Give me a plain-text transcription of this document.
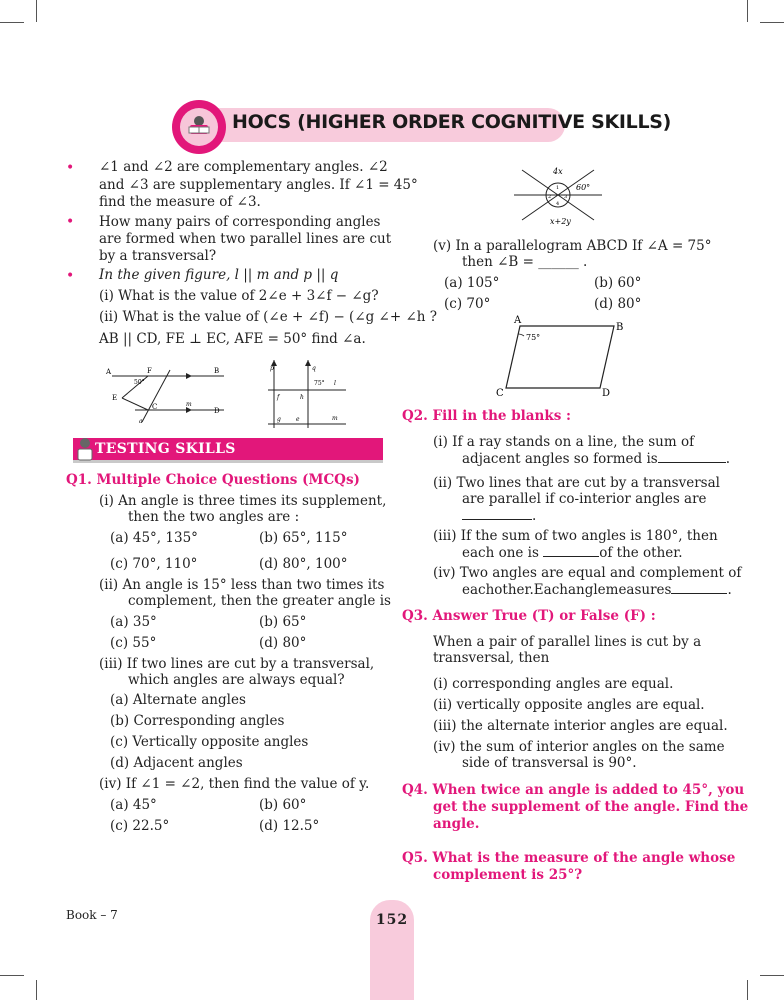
HOCS (HIGHER ORDER COGNITIVE SKILLS)
• ∠1 and ∠2 are complementary angles. ∠2
and ∠3 are supplementary angles. If ∠1 = 45°
find the measure of ∠3.
• How many pairs of corresponding angles
are formed when two parallel lines are cut
by a transversal?
• In the given figure, l || m and p || q
(i) What is the value of 2∠e + 3∠f − ∠g?
(ii) What is the value of (∠e + ∠f) − (∠g ∠+ ∠h ?
AB || CD, FE ⊥ EC, AFE = 50° find ∠a.
A	F	B
50°
E
C	m
D
a
p	q
75° l
f	h
g	e	m
TESTING SKILLS
Q1. Multiple Choice Questions (MCQs)
(i) An angle is three times its supplement,
then the two angles are :
(a) 45°, 135°	(b) 65°, 115°
(c) 70°, 110°	(d) 80°, 100°
(ii) An angle is 15° less than two times its
complement, then the greater angle is
(a) 35°	(b) 65°
(c) 55°	(d) 80°
(iii) If two lines are cut by a transversal,
which angles are always equal?
(a) Alternate angles
(b) Corresponding angles
(c) Vertically opposite angles
(d) Adjacent angles
(iv) If ∠1 = ∠2, then find the value of y.
(a) 45°	(b) 60°
(c) 22.5°	(d) 12.5°
4x
60°
1
2	3
4
x+2y
(v) In a parallelogram ABCD If ∠A = 75°
then ∠B = ______ .
(a) 105°	(b) 60°
(c) 70°	(d) 80°
A
B
75°
C	D
Q2. Fill in the blanks :
(i) If a ray stands on a line, the sum of
adjacent angles so formed is	.
(ii) Two lines that are cut by a transversal
are parallel if co-interior angles are
.
(iii) If the sum of two angles is 180°, then
each one is	of the other.
(iv) Two angles are equal and complement of
eachother.Eachanglemeasures	.
Q3. Answer True (T) or False (F) :
When a pair of parallel lines is cut by a
transversal, then
(i) corresponding angles are equal.
(ii) vertically opposite angles are equal.
(iii) the alternate interior angles are equal.
(iv) the sum of interior angles on the same
side of transversal is 90°.
Q4. When twice an angle is added to 45°, you
get the supplement of the angle. Find the
angle.
Q5. What is the measure of the angle whose
complement is 25°?
Book – 7	152
